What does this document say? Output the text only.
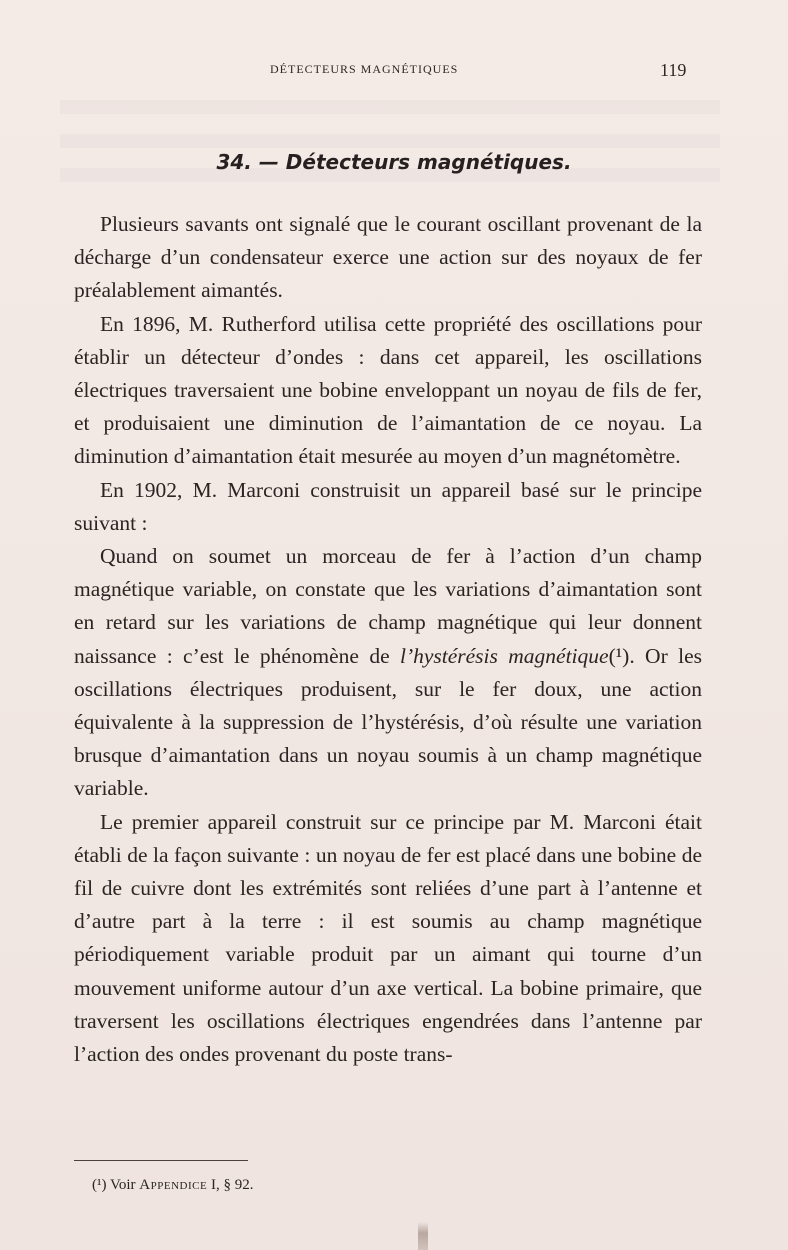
DÉTECTEURS MAGNÉTIQUES	119
34. — Détecteurs magnétiques.

Plusieurs savants ont signalé que le courant oscillant provenant de la décharge d’un condensateur exerce une action sur des noyaux de fer préalablement aimantés.

En 1896, M. Rutherford utilisa cette propriété des oscillations pour établir un détecteur d’ondes : dans cet appareil, les oscillations électriques traversaient une bobine enveloppant un noyau de fils de fer, et produisaient une diminution de l’aimantation de ce noyau. La diminution d’aimantation était mesurée au moyen d’un magnétomètre.

En 1902, M. Marconi construisit un appareil basé sur le principe suivant :

Quand on soumet un morceau de fer à l’action d’un champ magnétique variable, on constate que les variations d’aimantation sont en retard sur les variations de champ magnétique qui leur donnent naissance : c’est le phénomène de l’hystérésis magnétique(¹). Or les oscillations électriques produisent, sur le fer doux, une action équivalente à la suppression de l’hystérésis, d’où résulte une variation brusque d’aimantation dans un noyau soumis à un champ magnétique variable.

Le premier appareil construit sur ce principe par M. Marconi était établi de la façon suivante : un noyau de fer est placé dans une bobine de fil de cuivre dont les extrémités sont reliées d’une part à l’antenne et d’autre part à la terre : il est soumis au champ magnétique périodiquement variable produit par un aimant qui tourne d’un mouvement uniforme autour d’un axe vertical. La bobine primaire, que traversent les oscillations électriques engendrées dans l’antenne par l’action des ondes provenant du poste trans-

(¹) Voir Appendice I, § 92.
